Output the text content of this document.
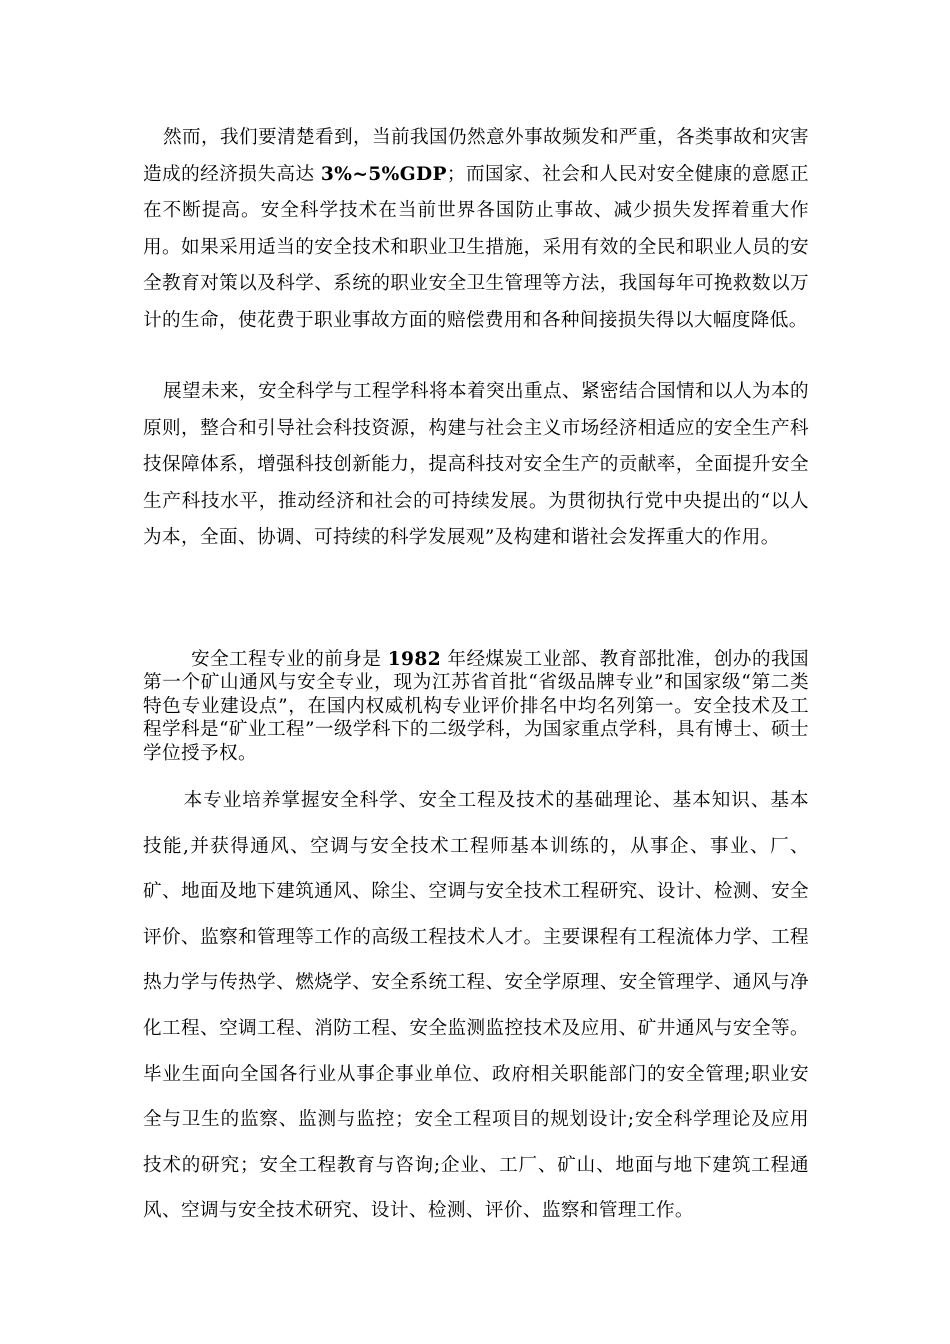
然而，我们要清楚看到，当前我国仍然意外事故频发和严重，各类事故和灾害造成的经济损失高达 3%~5%GDP；而国家、社会和人民对安全健康的意愿正在不断提高。安全科学技术在当前世界各国防止事故、减少损失发挥着重大作用。如果采用适当的安全技术和职业卫生措施，采用有效的全民和职业人员的安全教育对策以及科学、系统的职业安全卫生管理等方法，我国每年可挽救数以万计的生命，使花费于职业事故方面的赔偿费用和各种间接损失得以大幅度降低。

展望未来，安全科学与工程学科将本着突出重点、紧密结合国情和以人为本的原则，整合和引导社会科技资源，构建与社会主义市场经济相适应的安全生产科技保障体系，增强科技创新能力，提高科技对安全生产的贡献率，全面提升安全生产科技水平，推动经济和社会的可持续发展。为贯彻执行党中央提出的“以人为本，全面、协调、可持续的科学发展观”及构建和谐社会发挥重大的作用。

安全工程专业的前身是 1982 年经煤炭工业部、教育部批准，创办的我国第一个矿山通风与安全专业，现为江苏省首批“省级品牌专业”和国家级“第二类特色专业建设点”，在国内权威机构专业评价排名中均名列第一。安全技术及工程学科是“矿业工程”一级学科下的二级学科，为国家重点学科，具有博士、硕士学位授予权。

本专业培养掌握安全科学、安全工程及技术的基础理论、基本知识、基本技能,并获得通风、空调与安全技术工程师基本训练的，从事企、事业、厂、矿、地面及地下建筑通风、除尘、空调与安全技术工程研究、设计、检测、安全评价、监察和管理等工作的高级工程技术人才。主要课程有工程流体力学、工程热力学与传热学、燃烧学、安全系统工程、安全学原理、安全管理学、通风与净化工程、空调工程、消防工程、安全监测监控技术及应用、矿井通风与安全等。毕业生面向全国各行业从事企事业单位、政府相关职能部门的安全管理;职业安全与卫生的监察、监测与监控；安全工程项目的规划设计;安全科学理论及应用技术的研究；安全工程教育与咨询;企业、工厂、矿山、地面与地下建筑工程通风、空调与安全技术研究、设计、检测、评价、监察和管理工作。
